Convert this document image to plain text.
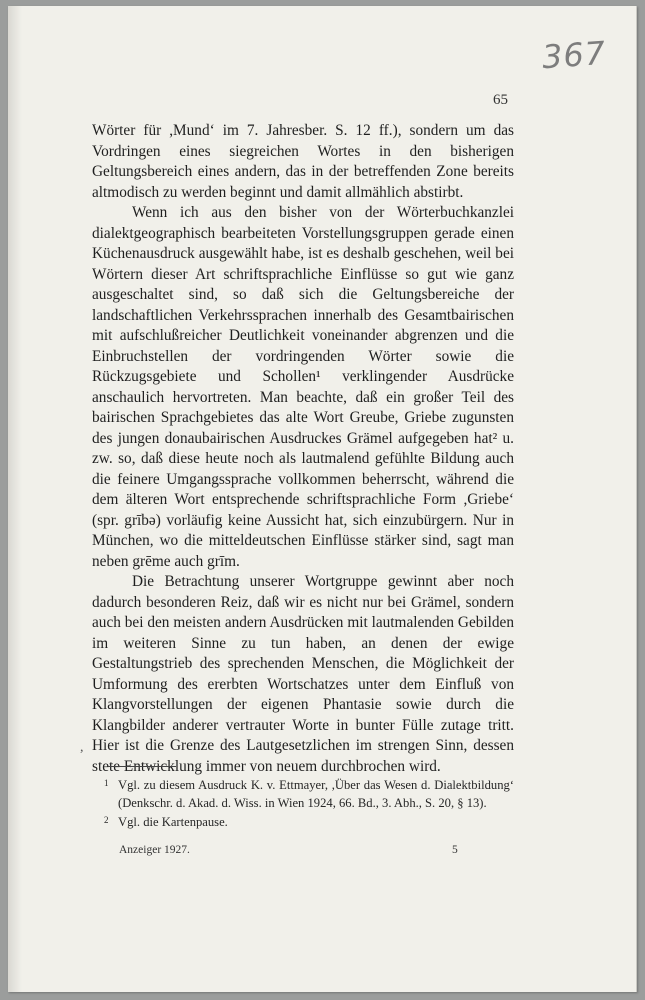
367
65

Wörter für ,Mund‘ im 7. Jahresber. S. 12 ff.), sondern um das Vordringen eines siegreichen Wortes in den bisherigen Geltungsbereich eines andern, das in der betreffenden Zone bereits altmodisch zu werden beginnt und damit allmählich abstirbt.

Wenn ich aus den bisher von der Wörterbuchkanzlei dialektgeographisch bearbeiteten Vorstellungsgruppen gerade einen Küchenausdruck ausgewählt habe, ist es deshalb geschehen, weil bei Wörtern dieser Art schriftsprachliche Einflüsse so gut wie ganz ausgeschaltet sind, so daß sich die Geltungsbereiche der landschaftlichen Verkehrssprachen innerhalb des Gesamtbairischen mit aufschlußreicher Deutlichkeit voneinander abgrenzen und die Einbruchstellen der vordringenden Wörter sowie die Rückzugsgebiete und Schollen¹ verklingender Ausdrücke anschaulich hervortreten. Man beachte, daß ein großer Teil des bairischen Sprachgebietes das alte Wort Greube, Griebe zugunsten des jungen donaubairischen Ausdruckes Grämel aufgegeben hat² u. zw. so, daß diese heute noch als lautmalend gefühlte Bildung auch die feinere Umgangssprache vollkommen beherrscht, während die dem älteren Wort entsprechende schriftsprachliche Form ,Griebe‘ (spr. grībə) vorläufig keine Aussicht hat, sich einzubürgern. Nur in München, wo die mitteldeutschen Einflüsse stärker sind, sagt man neben grēme auch grīm.

Die Betrachtung unserer Wortgruppe gewinnt aber noch dadurch besonderen Reiz, daß wir es nicht nur bei Grämel, sondern auch bei den meisten andern Ausdrücken mit lautmalenden Gebilden im weiteren Sinne zu tun haben, an denen der ewige Gestaltungstrieb des sprechenden Menschen, die Möglichkeit der Umformung des ererbten Wortschatzes unter dem Einfluß von Klangvorstellungen der eigenen Phantasie sowie durch die Klangbilder anderer vertrauter Worte in bunter Fülle zutage tritt. Hier ist die Grenze des Lautgesetzlichen im strengen Sinn, dessen stete Entwicklung immer von neuem durchbrochen wird.

,
1 Vgl. zu diesem Ausdruck K. v. Ettmayer, ,Über das Wesen d. Dialektbildung‘ (Denkschr. d. Akad. d. Wiss. in Wien 1924, 66. Bd., 3. Abh., S. 20, § 13).
2 Vgl. die Kartenpause.
Anzeiger 1927.	5
